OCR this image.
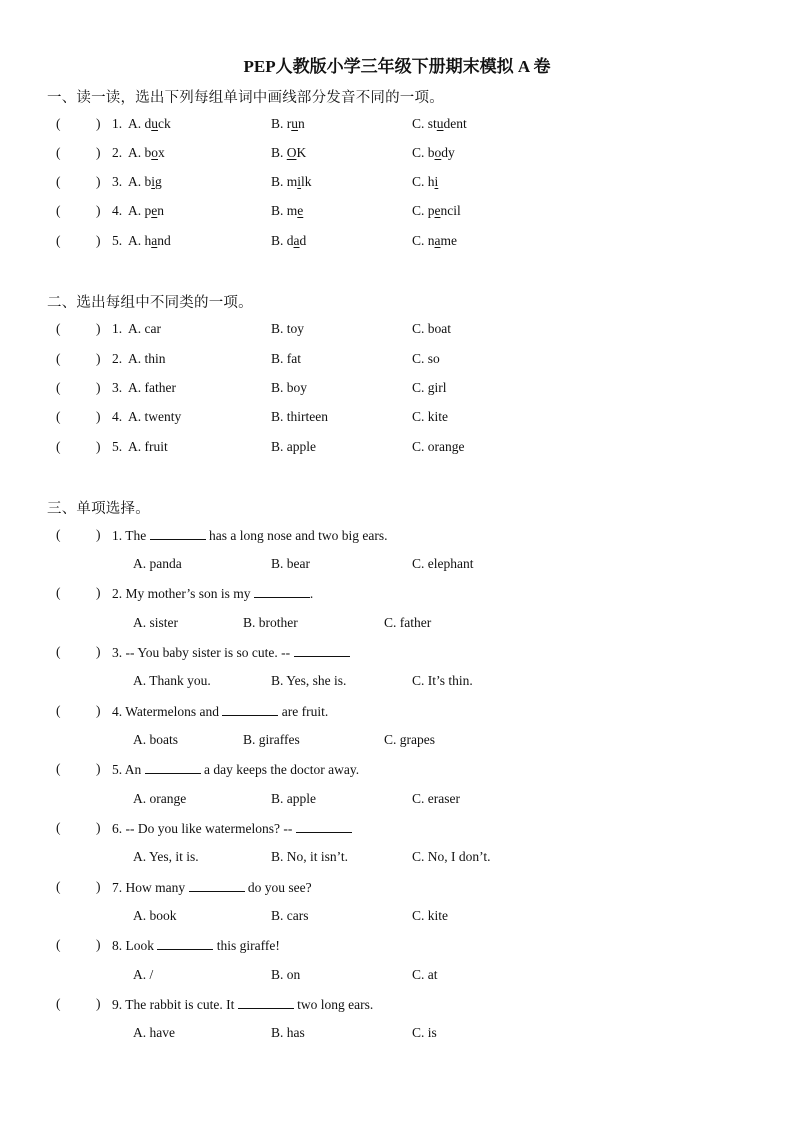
PEP人教版小学三年级下册期末模拟 A 卷
一、读一读，选出下列每组单词中画线部分发音不同的一项。
(	) 1. A. duck	B. run	C. student
(	) 2. A. box	B. OK	C. body
(	) 3. A. big	B. milk	C. hi
(	) 4. A. pen	B. me	C. pencil
(	) 5. A. hand	B. dad	C. name
二、选出每组中不同类的一项。
(	) 1. A. car	B. toy	C. boat
(	) 2. A. thin	B. fat	C. so
(	) 3. A. father	B. boy	C. girl
(	) 4. A. twenty	B. thirteen	C. kite
(	) 5. A. fruit	B. apple	C. orange
三、单项选择。
(	) 1. The	has a long nose and two big ears.
A. panda	B. bear	C. elephant
(	) 2. My mother’s son is my	.
A. sister	B. brother	C. father
(	) 3. -- You baby sister is so cute. --
A. Thank you.	B. Yes, she is.	C. It’s thin.
(	) 4. Watermelons and	are fruit.
A. boats	B. giraffes	C. grapes
(	) 5. An	a day keeps the doctor away.
A. orange	B. apple	C. eraser
(	) 6. -- Do you like watermelons? --
A. Yes, it is.	B. No, it isn’t.	C. No, I don’t.
(	) 7. How many	do you see?
A. book	B. cars	C. kite
(	) 8. Look	this giraffe!
A. /	B. on	C. at
(	) 9. The rabbit is cute. It	two long ears.
A. have	B. has	C. is
